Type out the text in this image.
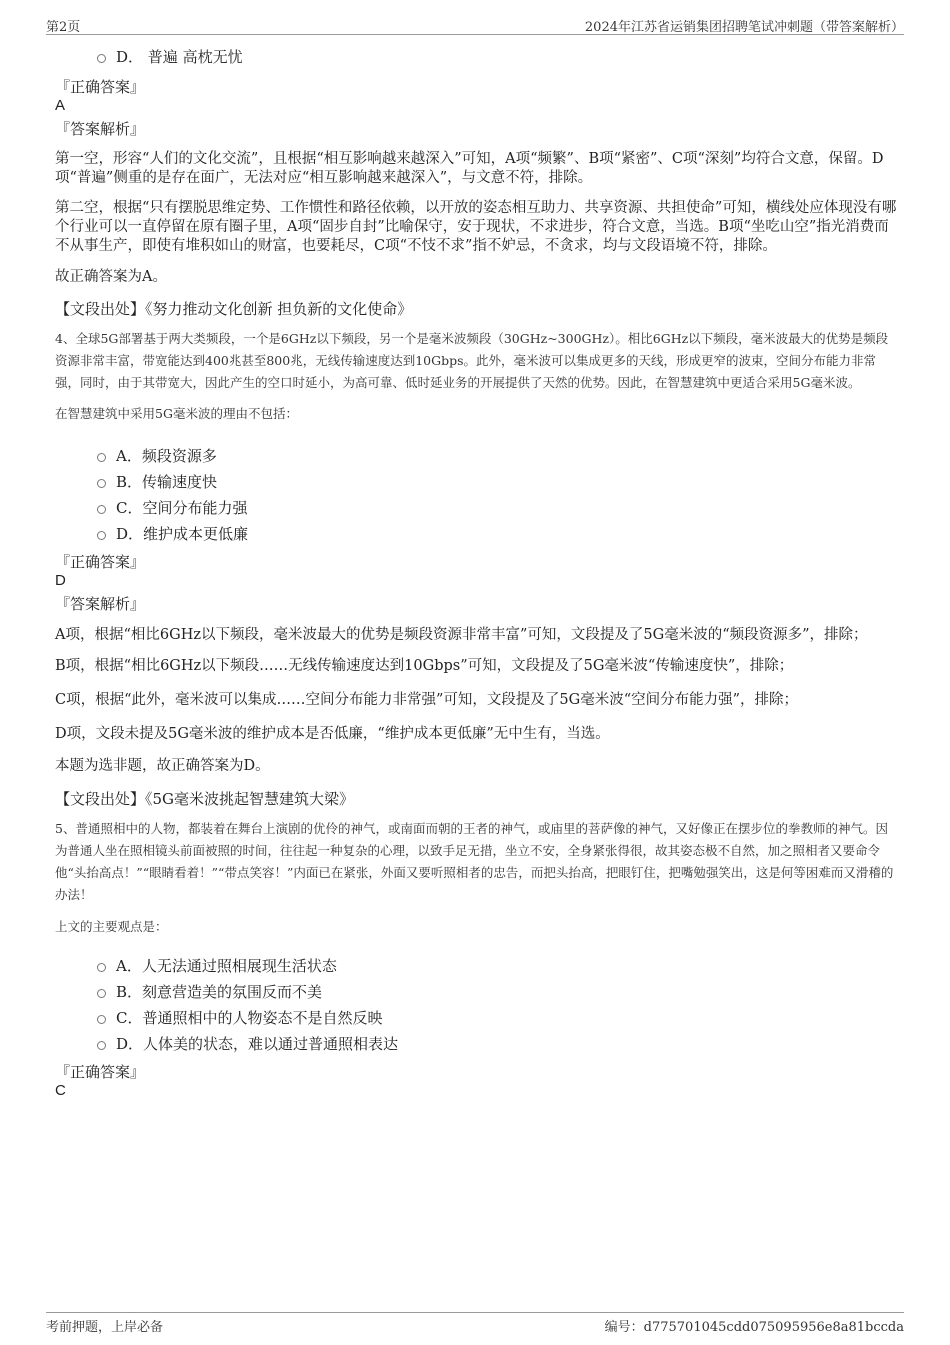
第2页	2024年江苏省运销集团招聘笔试冲刺题（带答案解析）
D． 普遍 高枕无忧
『正确答案』
A
『答案解析』

第一空，形容“人们的文化交流”，且根据“相互影响越来越深入”可知，A项“频繁”、B项“紧密”、C项“深刻”均符合文意，保留。D项“普遍”侧重的是存在面广，无法对应“相互影响越来越深入”，与文意不符，排除。

第二空，根据“只有摆脱思维定势、工作惯性和路径依赖，以开放的姿态相互助力、共享资源、共担使命”可知，横线处应体现没有哪个行业可以一直停留在原有圈子里，A项“固步自封”比喻保守，安于现状，不求进步，符合文意，当选。B项“坐吃山空”指光消费而不从事生产，即使有堆积如山的财富，也要耗尽，C项“不忮不求”指不妒忌，不贪求，均与文段语境不符，排除。

故正确答案为A。

【文段出处】《努力推动文化创新 担负新的文化使命》

4、全球5G部署基于两大类频段，一个是6GHz以下频段，另一个是毫米波频段（30GHz~300GHz）。相比6GHz以下频段，毫米波最大的优势是频段资源非常丰富，带宽能达到400兆甚至800兆，无线传输速度达到10Gbps。此外，毫米波可以集成更多的天线，形成更窄的波束，空间分布能力非常强，同时，由于其带宽大，因此产生的空口时延小，为高可靠、低时延业务的开展提供了天然的优势。因此，在智慧建筑中更适合采用5G毫米波。

在智慧建筑中采用5G毫米波的理由不包括：

A．频段资源多
B．传输速度快
C．空间分布能力强
D．维护成本更低廉
『正确答案』
D
『答案解析』

A项，根据“相比6GHz以下频段，毫米波最大的优势是频段资源非常丰富”可知，文段提及了5G毫米波的“频段资源多”，排除；

B项，根据“相比6GHz以下频段……无线传输速度达到10Gbps”可知，文段提及了5G毫米波“传输速度快”，排除；

C项，根据“此外，毫米波可以集成……空间分布能力非常强”可知，文段提及了5G毫米波“空间分布能力强”，排除；

D项，文段未提及5G毫米波的维护成本是否低廉，“维护成本更低廉”无中生有，当选。

本题为选非题，故正确答案为D。

【文段出处】《5G毫米波挑起智慧建筑大梁》

5、普通照相中的人物，都装着在舞台上演剧的优伶的神气，或南面而朝的王者的神气，或庙里的菩萨像的神气，又好像正在摆步位的拳教师的神气。因为普通人坐在照相镜头前面被照的时间，往往起一种复杂的心理，以致手足无措，坐立不安，全身紧张得很，故其姿态极不自然，加之照相者又要命令他“头抬高点！”“眼睛看着！”“带点笑容！”内面已在紧张，外面又要听照相者的忠告，而把头抬高，把眼钉住，把嘴勉强笑出，这是何等困难而又滑稽的办法！

上文的主要观点是：

A．人无法通过照相展现生活状态
B．刻意营造美的氛围反而不美
C．普通照相中的人物姿态不是自然反映
D．人体美的状态，难以通过普通照相表达
『正确答案』
C
考前押题，上岸必备	编号：d775701045cdd075095956e8a81bccda
